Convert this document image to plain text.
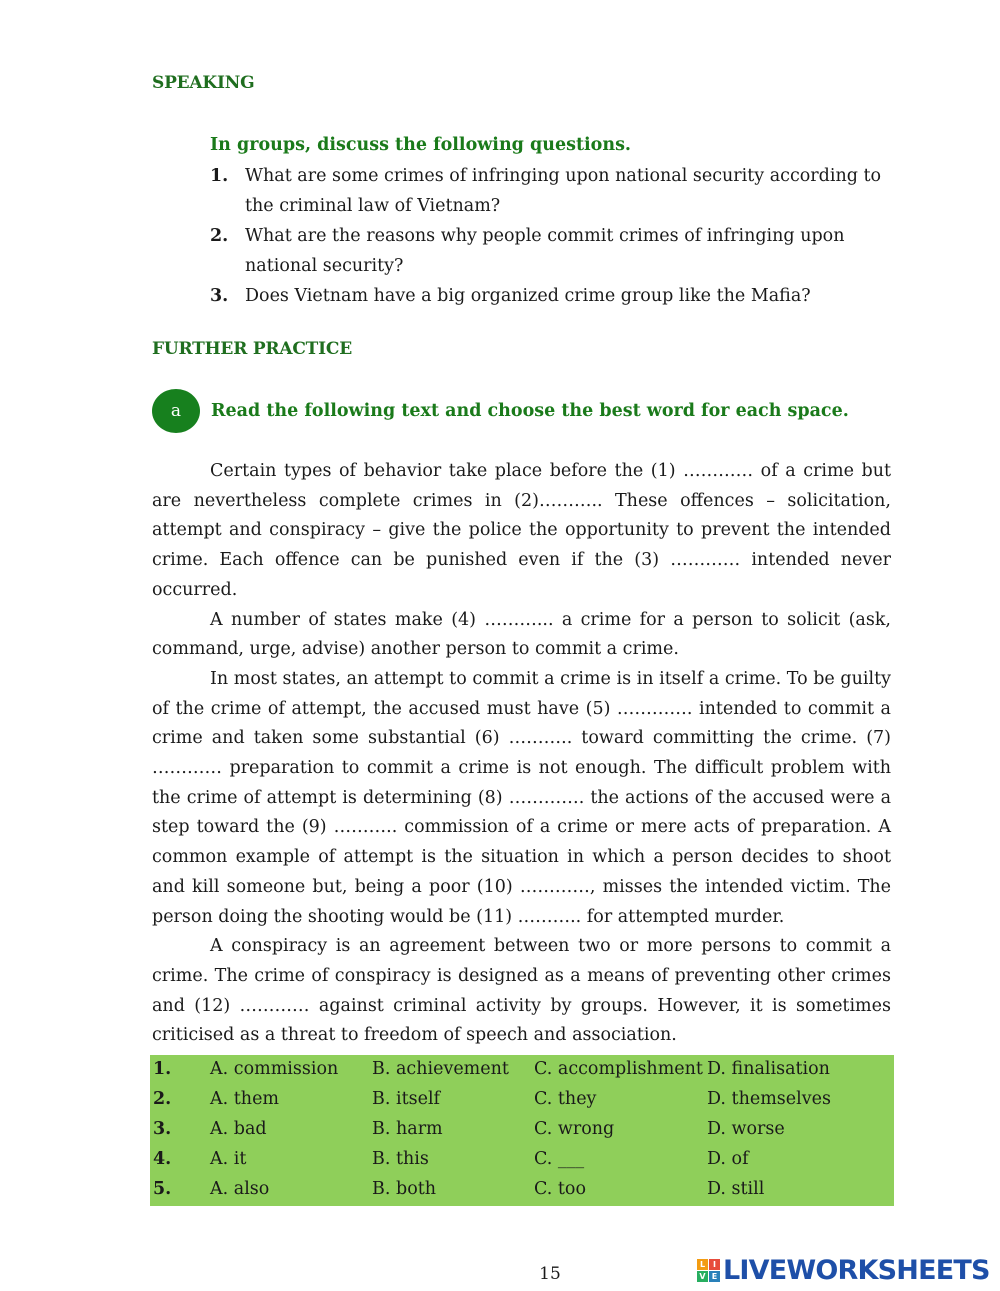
SPEAKING
In groups, discuss the following questions.
1. What are some crimes of infringing upon national security according to the criminal law of Vietnam?
2. What are the reasons why people commit crimes of infringing upon national security?
3. Does Vietnam have a big organized crime group like the Mafia?
FURTHER PRACTICE
a	Read the following text and choose the best word for each space.

Certain types of behavior take place before the (1) ………… of a crime but are nevertheless complete crimes in (2)……….. These offences – solicitation, attempt and conspiracy – give the police the opportunity to prevent the intended crime. Each offence can be punished even if the (3) ………… intended never occurred.

A number of states make (4) ………... a crime for a person to solicit (ask, command, urge, advise) another person to commit a crime.

In most states, an attempt to commit a crime is in itself a crime. To be guilty of the crime of attempt, the accused must have (5) …………. intended to commit a crime and taken some substantial (6) ……….. toward committing the crime. (7) ………… preparation to commit a crime is not enough. The difficult problem with the crime of attempt is determining (8) …………. the actions of the accused were a step toward the (9) ……….. commission of a crime or mere acts of preparation. A common example of attempt is the situation in which a person decides to shoot and kill someone but, being a poor (10) …………, misses the intended victim. The person doing the shooting would be (11) ……….. for attempted murder.

A conspiracy is an agreement between two or more persons to commit a crime. The crime of conspiracy is designed as a means of preventing other crimes and (12) ………… against criminal activity by groups. However, it is sometimes criticised as a threat to freedom of speech and association.

1. A. commission B. achievement C. accomplishment D. finalisation
2. A. them	B. itself	C. they	D. themselves
3. A. bad	B. harm	C. wrong	D. worse
4. A. it	B. this	C. ___	D. of
5. A. also	B. both	C. too	D. still
15	L I
V E LIVEWORKSHEETS
